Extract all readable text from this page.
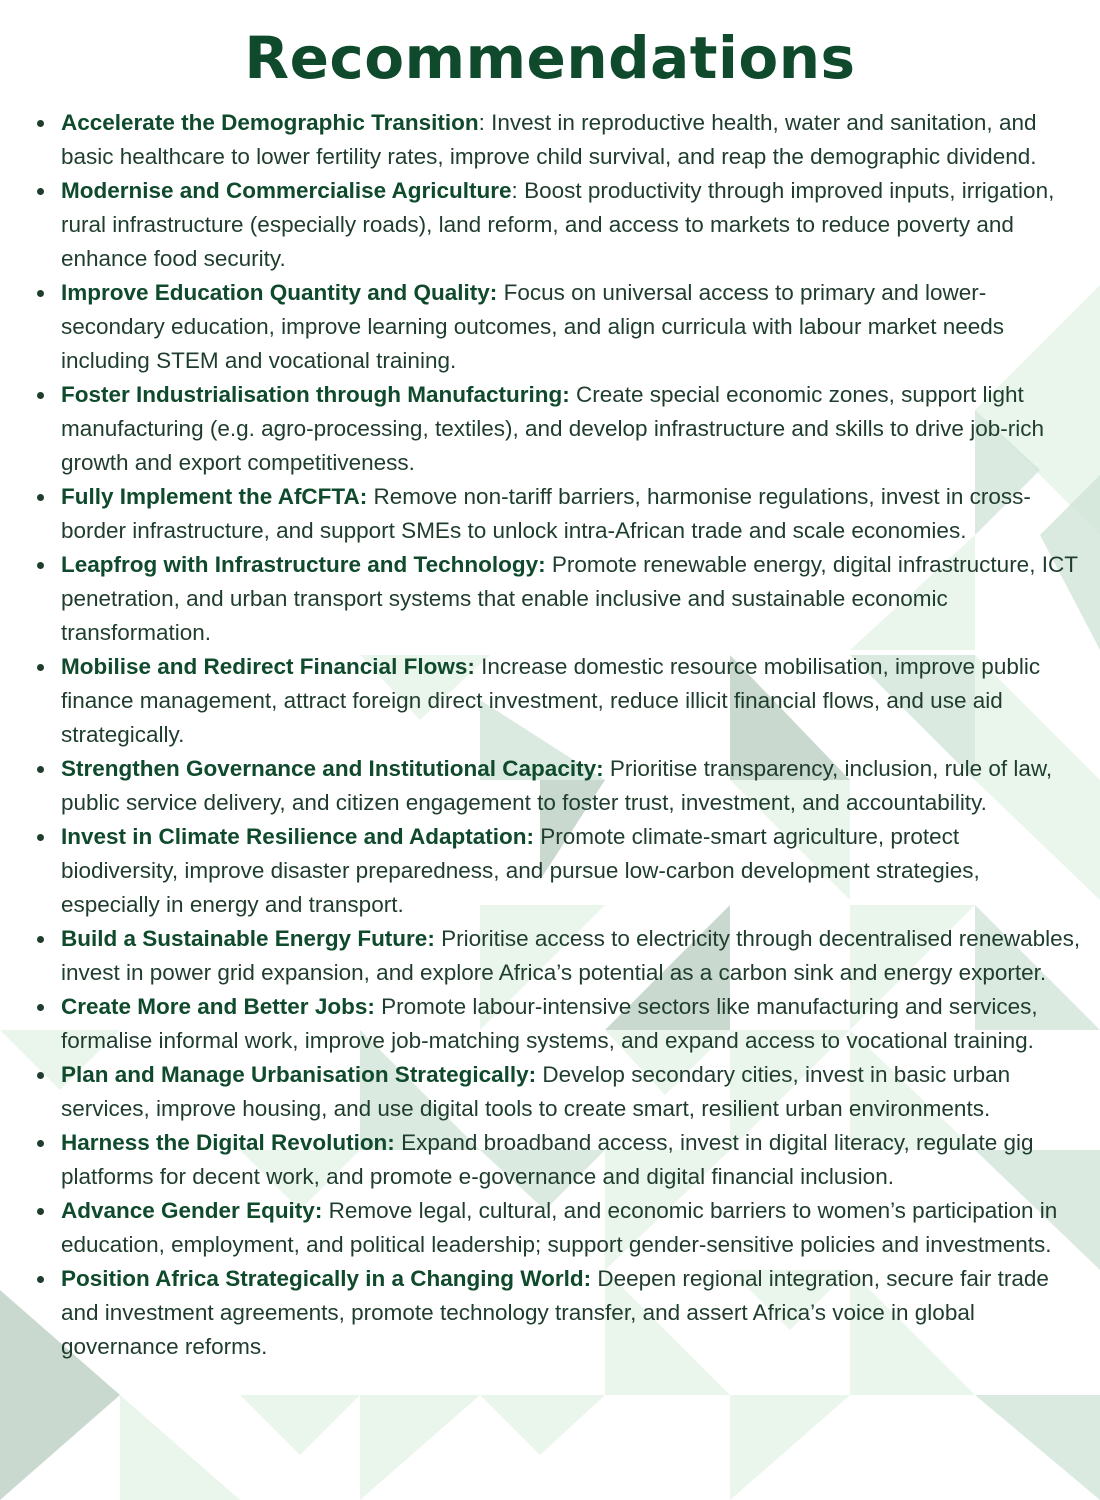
Recommendations
Accelerate the Demographic Transition: Invest in reproductive health, water and sanitation, and basic healthcare to lower fertility rates, improve child survival, and reap the demographic dividend.
Modernise and Commercialise Agriculture: Boost productivity through improved inputs, irrigation, rural infrastructure (especially roads), land reform, and access to markets to reduce poverty and enhance food security.
Improve Education Quantity and Quality: Focus on universal access to primary and lower-secondary education, improve learning outcomes, and align curricula with labour market needs including STEM and vocational training.
Foster Industrialisation through Manufacturing: Create special economic zones, support light manufacturing (e.g. agro-processing, textiles), and develop infrastructure and skills to drive job-rich growth and export competitiveness.
Fully Implement the AfCFTA: Remove non-tariff barriers, harmonise regulations, invest in cross-border infrastructure, and support SMEs to unlock intra-African trade and scale economies.
Leapfrog with Infrastructure and Technology: Promote renewable energy, digital infrastructure, ICT penetration, and urban transport systems that enable inclusive and sustainable economic transformation.
Mobilise and Redirect Financial Flows: Increase domestic resource mobilisation, improve public finance management, attract foreign direct investment, reduce illicit financial flows, and use aid strategically.
Strengthen Governance and Institutional Capacity: Prioritise transparency, inclusion, rule of law, public service delivery, and citizen engagement to foster trust, investment, and accountability.
Invest in Climate Resilience and Adaptation: Promote climate-smart agriculture, protect biodiversity, improve disaster preparedness, and pursue low-carbon development strategies, especially in energy and transport.
Build a Sustainable Energy Future: Prioritise access to electricity through decentralised renewables, invest in power grid expansion, and explore Africa’s potential as a carbon sink and energy exporter.
Create More and Better Jobs: Promote labour-intensive sectors like manufacturing and services, formalise informal work, improve job-matching systems, and expand access to vocational training.
Plan and Manage Urbanisation Strategically: Develop secondary cities, invest in basic urban services, improve housing, and use digital tools to create smart, resilient urban environments.
Harness the Digital Revolution: Expand broadband access, invest in digital literacy, regulate gig platforms for decent work, and promote e-governance and digital financial inclusion.
Advance Gender Equity: Remove legal, cultural, and economic barriers to women’s participation in education, employment, and political leadership; support gender-sensitive policies and investments.
Position Africa Strategically in a Changing World: Deepen regional integration, secure fair trade and investment agreements, promote technology transfer, and assert Africa’s voice in global governance reforms.
